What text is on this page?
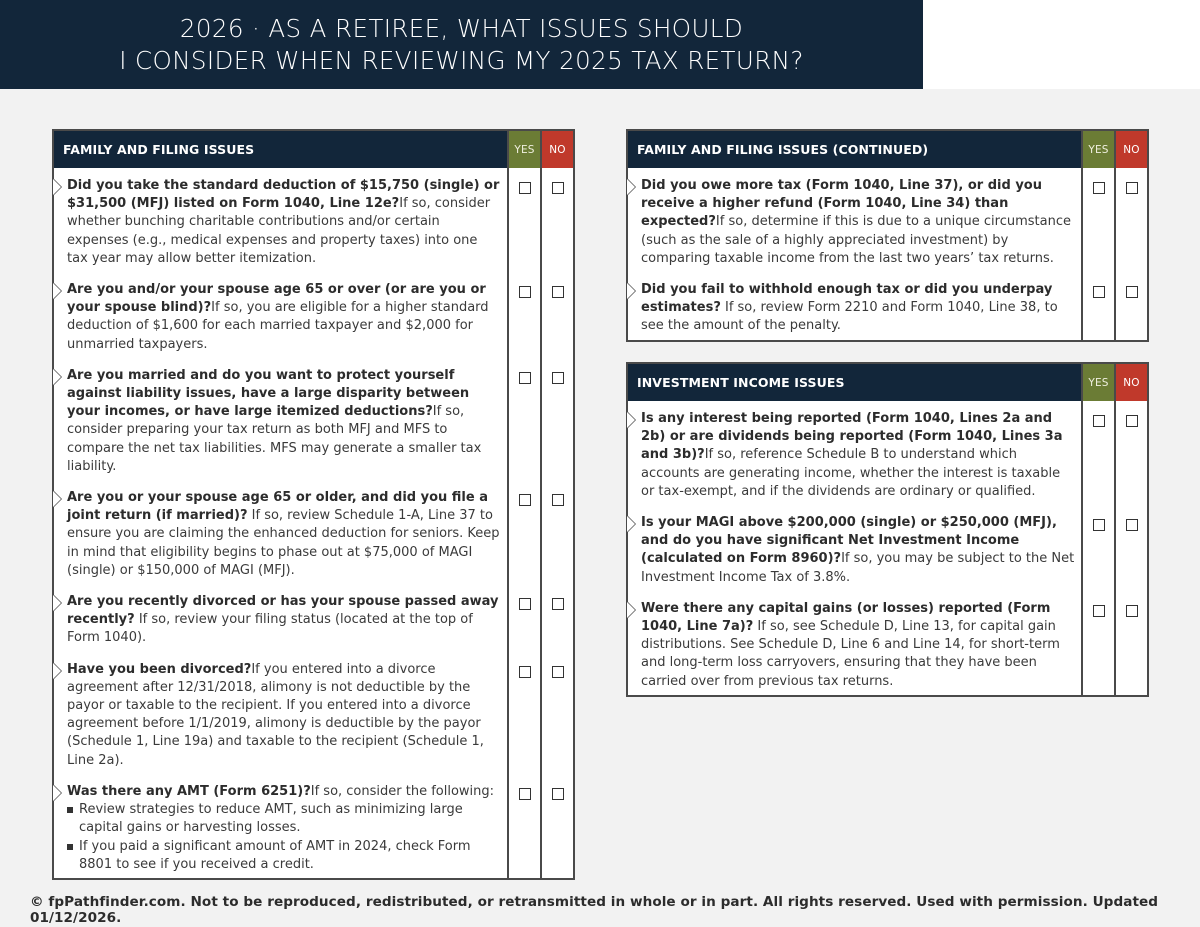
2026 · AS A RETIREE, WHAT ISSUES SHOULD
I CONSIDER WHEN REVIEWING MY 2025 TAX RETURN?
FAMILY AND FILING ISSUES	YES	NO
Did you take the standard deduction of $15,750 (single) or $31,500 (MFJ) listed on Form 1040, Line 12e?If so, consider whether bunching charitable contributions and/or certain expenses (e.g., medical expenses and property taxes) into one tax year may allow better itemization.
Are you and/or your spouse age 65 or over (or are you or your spouse blind)?If so, you are eligible for a higher standard deduction of $1,600 for each married taxpayer and $2,000 for unmarried taxpayers.
Are you married and do you want to protect yourself against liability issues, have a large disparity between your incomes, or have large itemized deductions?If so, consider preparing your tax return as both MFJ and MFS to compare the net tax liabilities. MFS may generate a smaller tax liability.
Are you or your spouse age 65 or older, and did you file a joint return (if married)? If so, review Schedule 1-A, Line 37 to ensure you are claiming the enhanced deduction for seniors. Keep in mind that eligibility begins to phase out at $75,000 of MAGI (single) or $150,000 of MAGI (MFJ).
Are you recently divorced or has your spouse passed away recently? If so, review your filing status (located at the top of Form 1040).
Have you been divorced?If you entered into a divorce agreement after 12/31/2018, alimony is not deductible by the payor or taxable to the recipient. If you entered into a divorce agreement before 1/1/2019, alimony is deductible by the payor (Schedule 1, Line 19a) and taxable to the recipient (Schedule 1, Line 2a).
Was there any AMT (Form 6251)?If so, consider the following:
Review strategies to reduce AMT, such as minimizing large capital gains or harvesting losses.
If you paid a significant amount of AMT in 2024, check Form 8801 to see if you received a credit.
FAMILY AND FILING ISSUES (CONTINUED)	YES	NO
Did you owe more tax (Form 1040, Line 37), or did you receive a higher refund (Form 1040, Line 34) than expected?If so, determine if this is due to a unique circumstance (such as the sale of a highly appreciated investment) by comparing taxable income from the last two years’ tax returns.
Did you fail to withhold enough tax or did you underpay estimates? If so, review Form 2210 and Form 1040, Line 38, to see the amount of the penalty.
INVESTMENT INCOME ISSUES	YES	NO
Is any interest being reported (Form 1040, Lines 2a and 2b) or are dividends being reported (Form 1040, Lines 3a and 3b)?If so, reference Schedule B to understand which accounts are generating income, whether the interest is taxable or tax-exempt, and if the dividends are ordinary or qualified.
Is your MAGI above $200,000 (single) or $250,000 (MFJ), and do you have significant Net Investment Income (calculated on Form 8960)?If so, you may be subject to the Net Investment Income Tax of 3.8%.
Were there any capital gains (or losses) reported (Form 1040, Line 7a)? If so, see Schedule D, Line 13, for capital gain distributions. See Schedule D, Line 6 and Line 14, for short-term and long-term loss carryovers, ensuring that they have been carried over from previous tax returns.
© fpPathfinder.com. Not to be reproduced, redistributed, or retransmitted in whole or in part. All rights reserved. Used with permission. Updated 01/12/2026.
